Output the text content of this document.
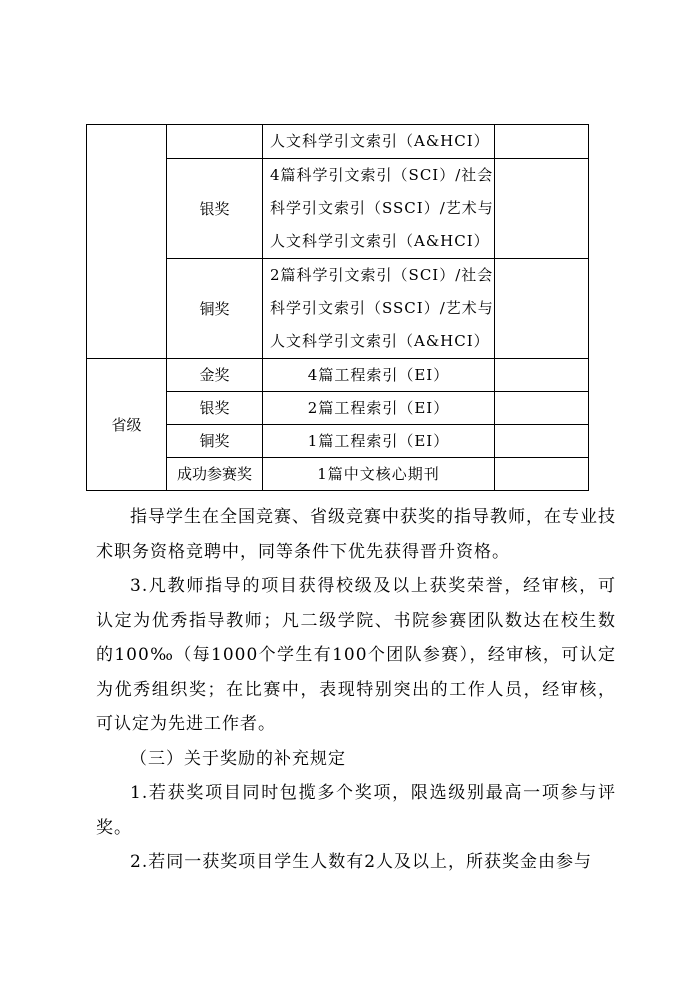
		人文科学引文索引（A&HCI）	

	银奖	4篇科学引文索引（SCI）/社会
科学引文索引（SSCI）/艺术与
人文科学引文索引（A&HCI）	

	铜奖	2篇科学引文索引（SCI）/社会
科学引文索引（SSCI）/艺术与
人文科学引文索引（A&HCI）	

省级	金奖	4篇工程索引（EI）	

	银奖	2篇工程索引（EI）	

	铜奖	1篇工程索引（EI）	

	成功参赛奖	1篇中文核心期刊	

指导学生在全国竞赛、省级竞赛中获奖的指导教师，在专业技术职务资格竞聘中，同等条件下优先获得晋升资格。

3.凡教师指导的项目获得校级及以上获奖荣誉，经审核，可认定为优秀指导教师；凡二级学院、书院参赛团队数达在校生数的100‰（每1000个学生有100个团队参赛），经审核，可认定为优秀组织奖；在比赛中，表现特别突出的工作人员，经审核，可认定为先进工作者。

（三）关于奖励的补充规定

1.若获奖项目同时包揽多个奖项，限选级别最高一项参与评奖。

2.若同一获奖项目学生人数有2人及以上，所获奖金由参与
